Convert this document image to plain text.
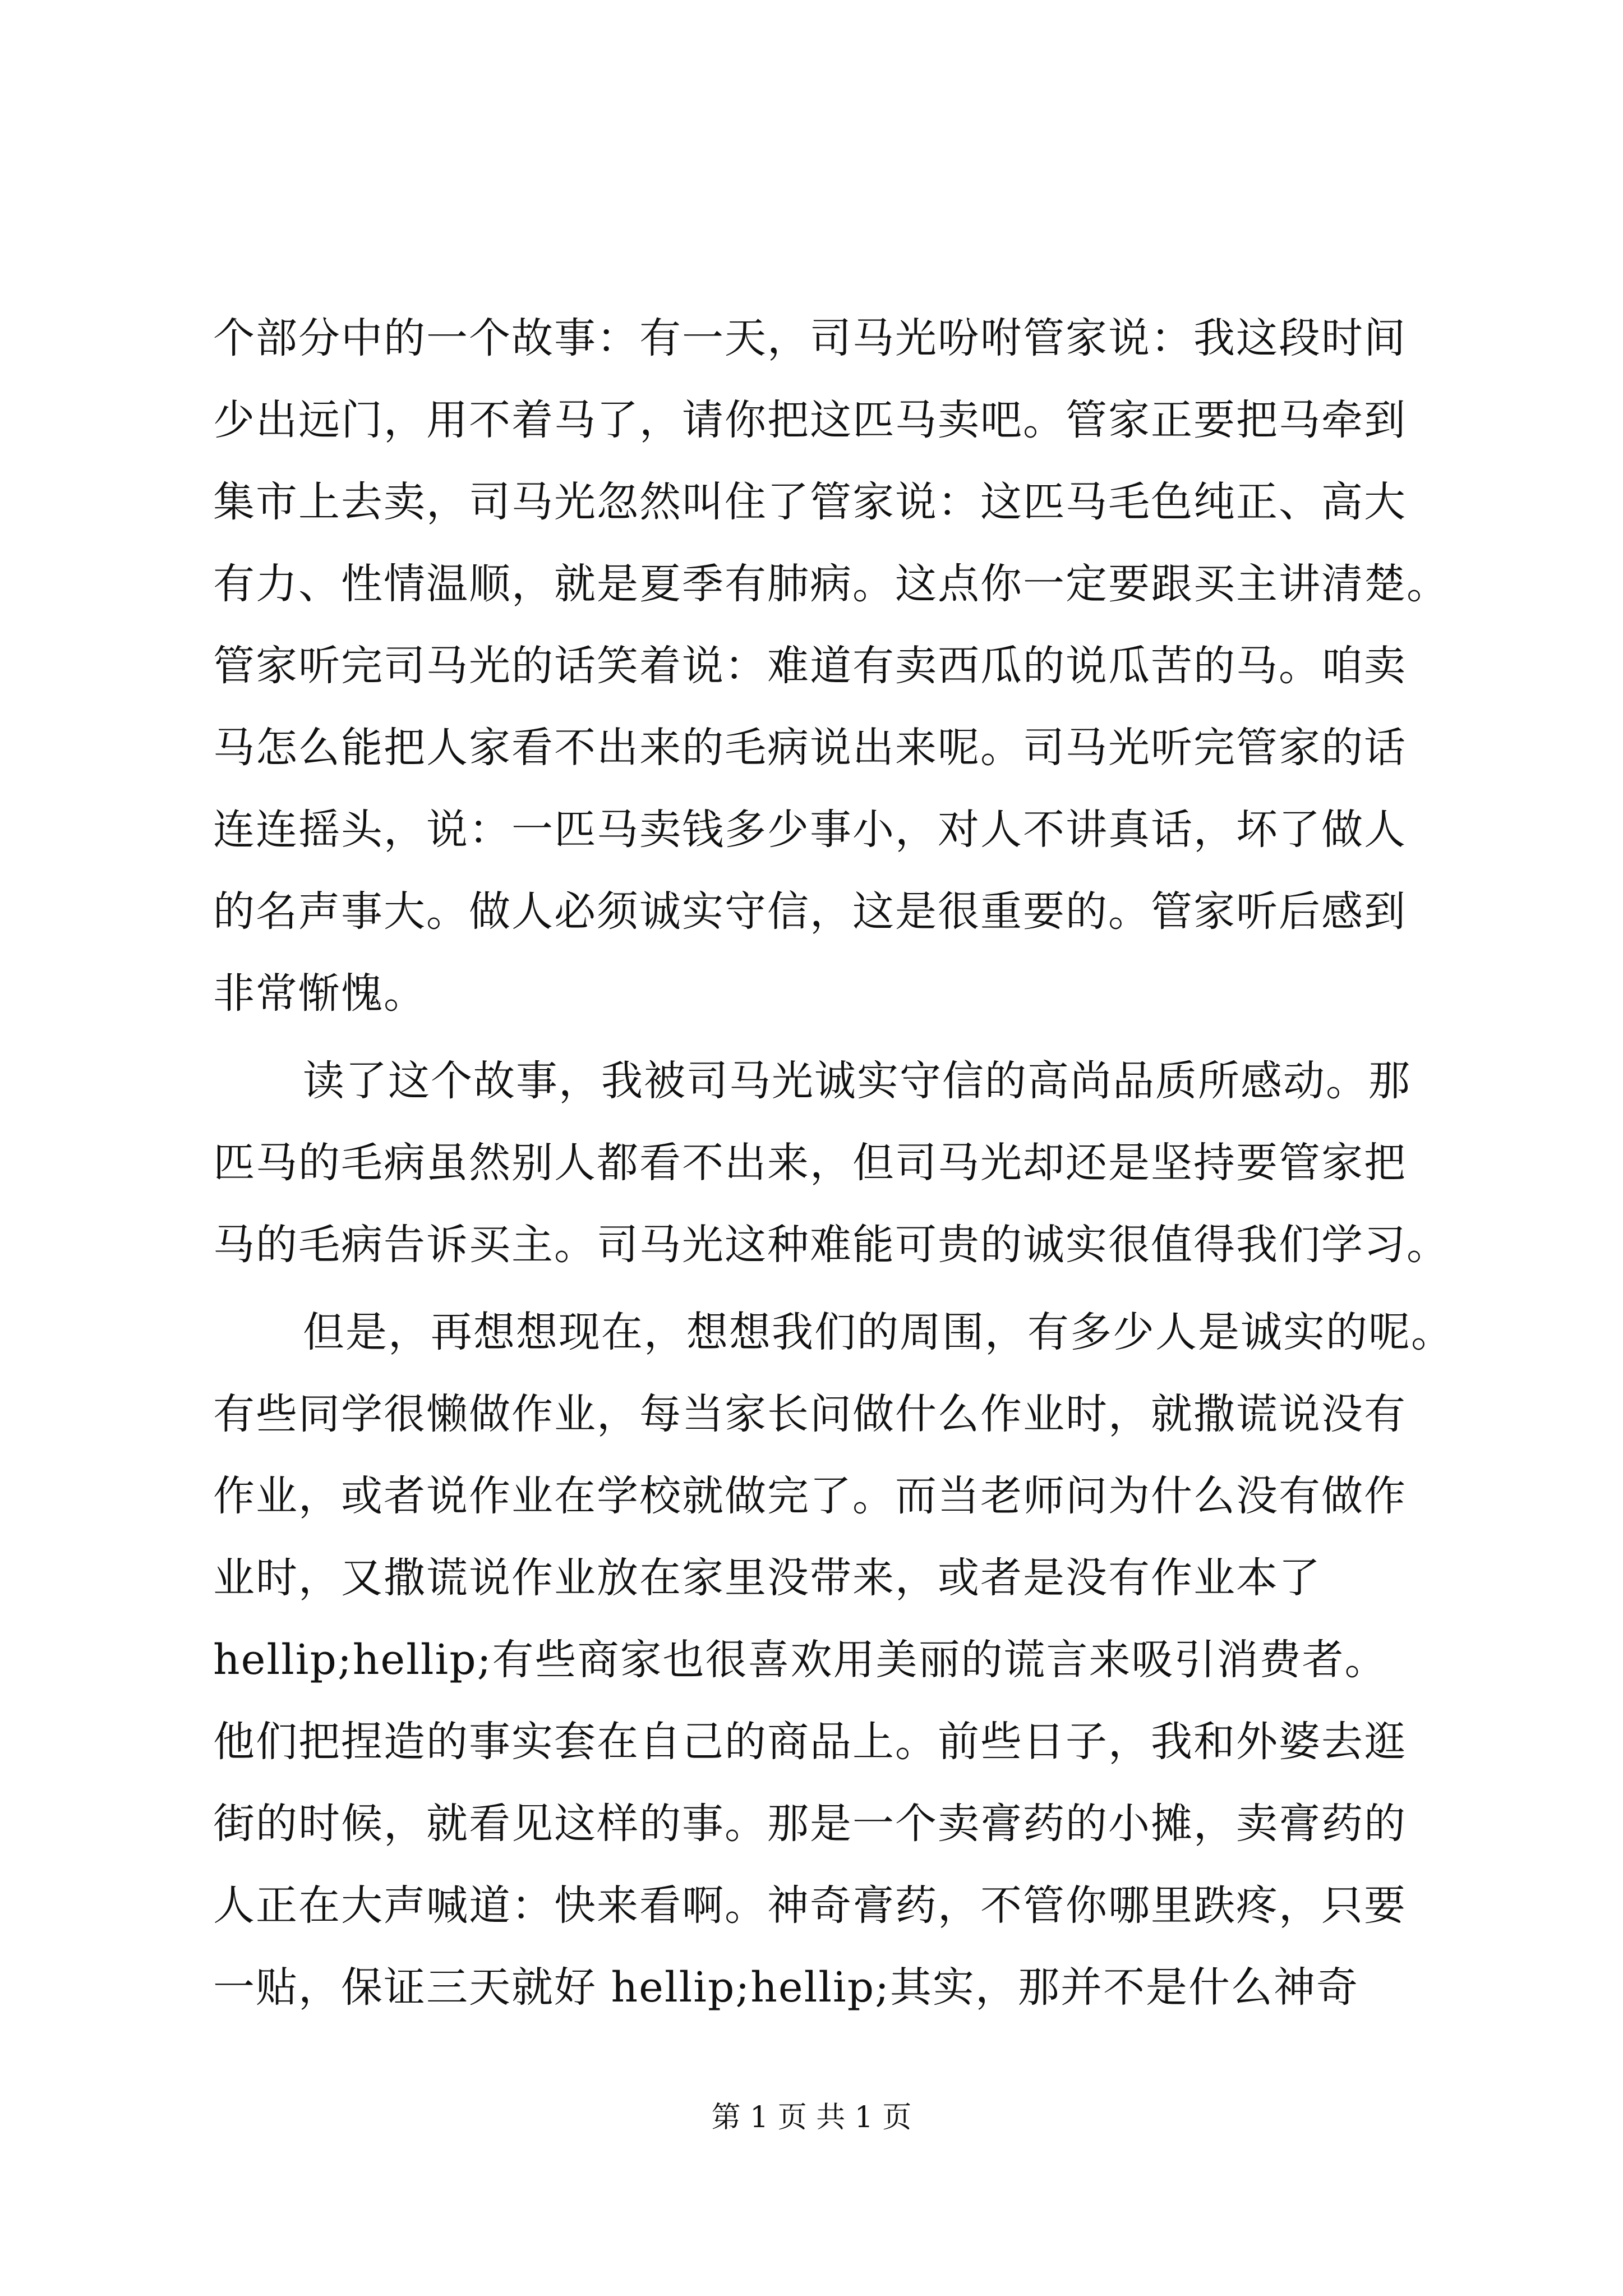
个部分中的一个故事：有一天，司马光吩咐管家说：我这段时间
少出远门，用不着马了，请你把这匹马卖吧。管家正要把马牵到
集市上去卖，司马光忽然叫住了管家说：这匹马毛色纯正、高大
有力、性情温顺，就是夏季有肺病。这点你一定要跟买主讲清楚。
管家听完司马光的话笑着说：难道有卖西瓜的说瓜苦的马。咱卖
马怎么能把人家看不出来的毛病说出来呢。司马光听完管家的话
连连摇头，说：一匹马卖钱多少事小，对人不讲真话，坏了做人
的名声事大。做人必须诚实守信，这是很重要的。管家听后感到
非常惭愧。
读了这个故事，我被司马光诚实守信的高尚品质所感动。那
匹马的毛病虽然别人都看不出来，但司马光却还是坚持要管家把
马的毛病告诉买主。司马光这种难能可贵的诚实很值得我们学习。
但是，再想想现在，想想我们的周围，有多少人是诚实的呢。
有些同学很懒做作业，每当家长问做什么作业时，就撒谎说没有
作业，或者说作业在学校就做完了。而当老师问为什么没有做作
业时，又撒谎说作业放在家里没带来，或者是没有作业本了
hellip;hellip;有些商家也很喜欢用美丽的谎言来吸引消费者。
他们把捏造的事实套在自己的商品上。前些日子，我和外婆去逛
街的时候，就看见这样的事。那是一个卖膏药的小摊，卖膏药的
人正在大声喊道：快来看啊。神奇膏药，不管你哪里跌疼，只要
一贴，保证三天就好 hellip;hellip;其实，那并不是什么神奇
第 1 页 共 1 页
